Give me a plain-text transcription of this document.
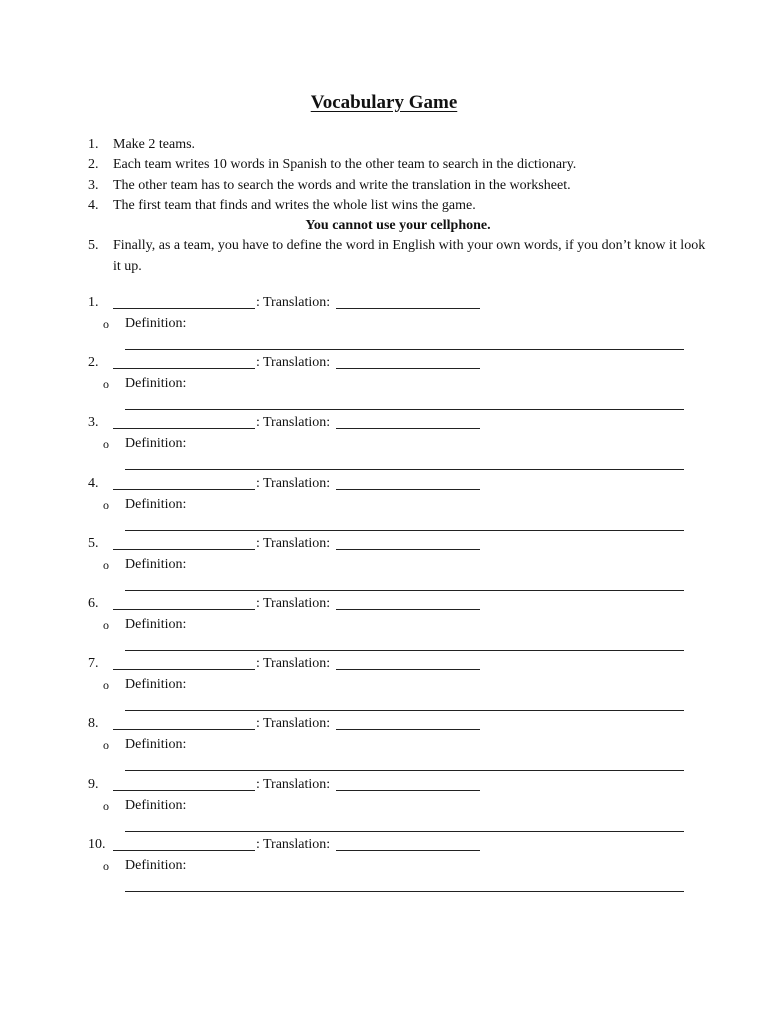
Vocabulary Game
1. Make 2 teams.
2. Each team writes 10 words in Spanish to the other team to search in the dictionary.
3. The other team has to search the words and write the translation in the worksheet.
4. The first team that finds and writes the whole list wins the game.
You cannot use your cellphone.
5. Finally, as a team, you have to define the word in English with your own words, if you don’t know it look it up.
1.	: Translation:
o Definition:
2.	: Translation:
o Definition:
3.	: Translation:
o Definition:
4.	: Translation:
o Definition:
5.	: Translation:
o Definition:
6.	: Translation:
o Definition:
7.	: Translation:
o Definition:
8.	: Translation:
o Definition:
9.	: Translation:
o Definition:
10.	: Translation:
o Definition:
